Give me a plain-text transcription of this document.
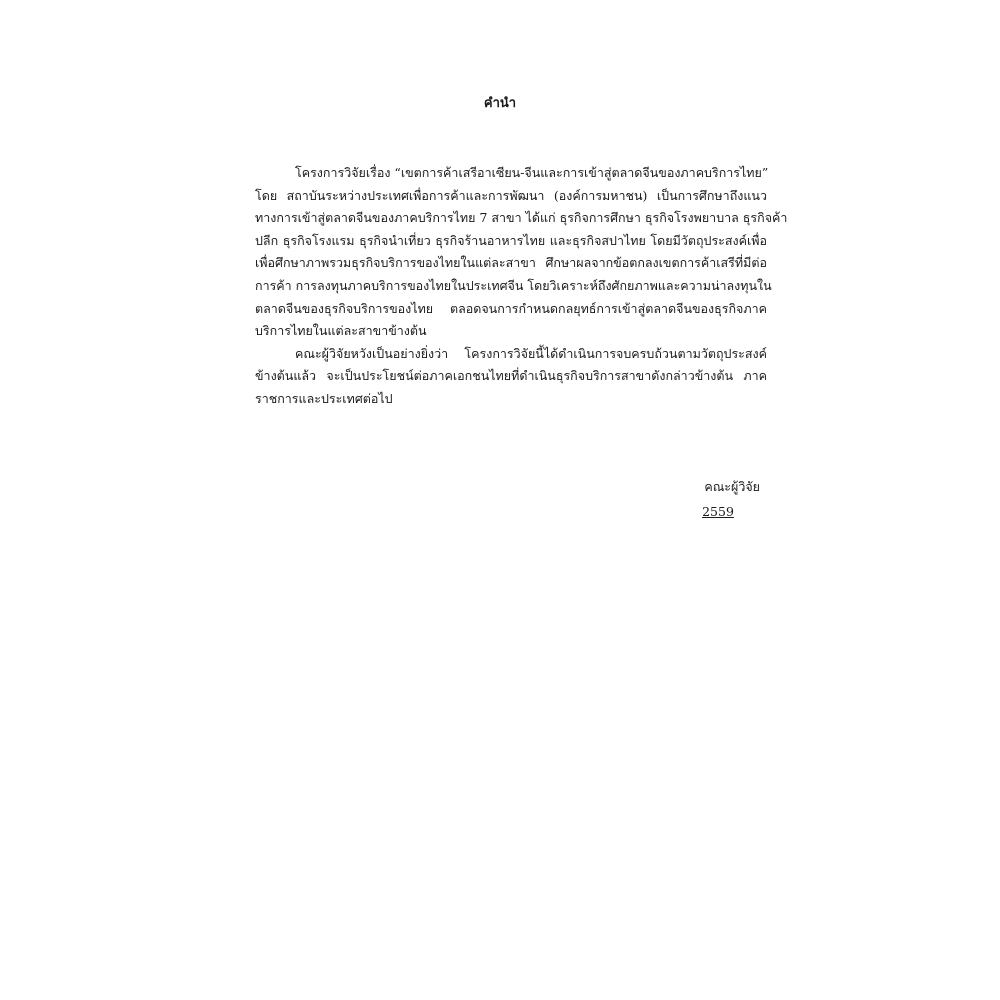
คำนำ
โครงการวิจัยเรื่อง “เขตการค้าเสรีอาเซียน-จีนและการเข้าสู่ตลาดจีนของภาคบริการไทย”
โดย สถาบันระหว่างประเทศเพื่อการค้าและการพัฒนา (องค์การมหาชน) เป็นการศึกษาถึงแนว
ทางการเข้าสู่ตลาดจีนของภาคบริการไทย 7 สาขา ได้แก่ ธุรกิจการศึกษา ธุรกิจโรงพยาบาล ธุรกิจค้า
ปลีก ธุรกิจโรงแรม ธุรกิจนำเที่ยว ธุรกิจร้านอาหารไทย และธุรกิจสปาไทย โดยมีวัตถุประสงค์เพื่อ
เพื่อศึกษาภาพรวมธุรกิจบริการของไทยในแต่ละสาขา ศึกษาผลจากข้อตกลงเขตการค้าเสรีที่มีต่อ
การค้า การลงทุนภาคบริการของไทยในประเทศจีน โดยวิเคราะห์ถึงศักยภาพและความน่าลงทุนใน
ตลาดจีนของธุรกิจบริการของไทย ตลอดจนการกำหนดกลยุทธ์การเข้าสู่ตลาดจีนของธุรกิจภาค
บริการไทยในแต่ละสาขาข้างต้น
คณะผู้วิจัยหวังเป็นอย่างยิ่งว่า โครงการวิจัยนี้ได้ดำเนินการจบครบถ้วนตามวัตถุประสงค์
ข้างต้นแล้ว จะเป็นประโยชน์ต่อภาคเอกชนไทยที่ดำเนินธุรกิจบริการสาขาดังกล่าวข้างต้น ภาค
ราชการและประเทศต่อไป
คณะผู้วิจัย
2559
